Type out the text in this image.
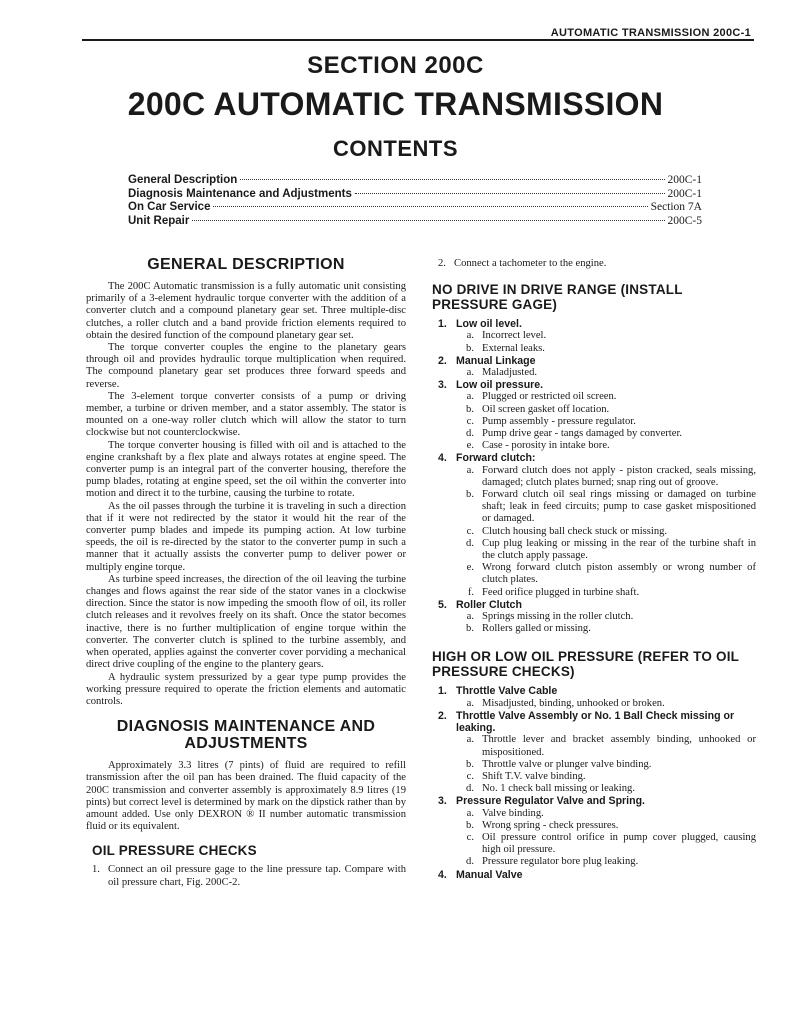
AUTOMATIC TRANSMISSION 200C-1
SECTION 200C
200C AUTOMATIC TRANSMISSION
CONTENTS
General Description	200C-1
Diagnosis Maintenance and Adjustments	200C-1
On Car Service	Section 7A
Unit Repair	200C-5
GENERAL DESCRIPTION

The 200C Automatic transmission is a fully automatic unit consisting primarily of a 3-element hydraulic torque converter with the addition of a converter clutch and a compound planetary gear set. Three multiple-disc clutches, a roller clutch and a band provide friction elements required to obtain the desired function of the compound planetary gear set.

The torque converter couples the engine to the planetary gears through oil and provides hydraulic torque multiplication when required. The compound planetary gear set produces three forward speeds and reverse.

The 3-element torque converter consists of a pump or driving member, a turbine or driven member, and a stator assembly. The stator is mounted on a one-way roller clutch which will allow the stator to turn clockwise but not counterclockwise.

The torque converter housing is filled with oil and is attached to the engine crankshaft by a flex plate and always rotates at engine speed. The converter pump is an integral part of the converter housing, therefore the pump blades, rotating at engine speed, set the oil within the converter into motion and direct it to the turbine, causing the turbine to rotate.

As the oil passes through the turbine it is traveling in such a direction that if it were not redirected by the stator it would hit the rear of the converter pump blades and impede its pumping action. At low turbine speeds, the oil is re-directed by the stator to the converter pump in such a manner that it actually assists the converter pump to deliver power or multiply engine torque.

As turbine speed increases, the direction of the oil leaving the turbine changes and flows against the rear side of the stator vanes in a clockwise direction. Since the stator is now impeding the smooth flow of oil, its roller clutch releases and it revolves freely on its shaft. Once the stator becomes inactive, there is no further multiplication of engine torque within the converter. The converter clutch is splined to the turbine assembly, and when operated, applies against the converter cover porviding a mechanical direct drive coupling of the engine to the plantery gears.

A hydraulic system pressurized by a gear type pump provides the working pressure required to operate the friction elements and automatic controls.

DIAGNOSIS MAINTENANCE AND ADJUSTMENTS

Approximately 3.3 litres (7 pints) of fluid are required to refill transmission after the oil pan has been drained. The fluid capacity of the 200C transmission and converter assembly is approximately 8.9 litres (19 pints) but correct level is determined by mark on the dipstick rather than by amount added. Use only DEXRON ® II number automatic transmission fluid or its equivalent.

OIL PRESSURE CHECKS
1. Connect an oil pressure gage to the line pressure tap. Compare with oil pressure chart, Fig. 200C-2.
2. Connect a tachometer to the engine.
NO DRIVE IN DRIVE RANGE (INSTALL PRESSURE GAGE)
1. Low oil level.
a. Incorrect level.
b. External leaks.
2. Manual Linkage
a. Maladjusted.
3. Low oil pressure.
a. Plugged or restricted oil screen.
b. Oil screen gasket off location.
c. Pump assembly - pressure regulator.
d. Pump drive gear - tangs damaged by converter.
e. Case - porosity in intake bore.
4. Forward clutch:
a. Forward clutch does not apply - piston cracked, seals missing, damaged; clutch plates burned; snap ring out of groove.
b. Forward clutch oil seal rings missing or damaged on turbine shaft; leak in feed circuits; pump to case gasket mispositioned or damaged.
c. Clutch housing ball check stuck or missing.
d. Cup plug leaking or missing in the rear of the turbine shaft in the clutch apply passage.
e. Wrong forward clutch piston assembly or wrong number of clutch plates.
f. Feed orifice plugged in turbine shaft.
5. Roller Clutch
a. Springs missing in the roller clutch.
b. Rollers galled or missing.
HIGH OR LOW OIL PRESSURE (REFER TO OIL PRESSURE CHECKS)
1. Throttle Valve Cable
a. Misadjusted, binding, unhooked or broken.
2. Throttle Valve Assembly or No. 1 Ball Check missing or leaking.
a. Throttle lever and bracket assembly binding, unhooked or mispositioned.
b. Throttle valve or plunger valve binding.
c. Shift T.V. valve binding.
d. No. 1 check ball missing or leaking.
3. Pressure Regulator Valve and Spring.
a. Valve binding.
b. Wrong spring - check pressures.
c. Oil pressure control orifice in pump cover plugged, causing high oil pressure.
d. Pressure regulator bore plug leaking.
4. Manual Valve
